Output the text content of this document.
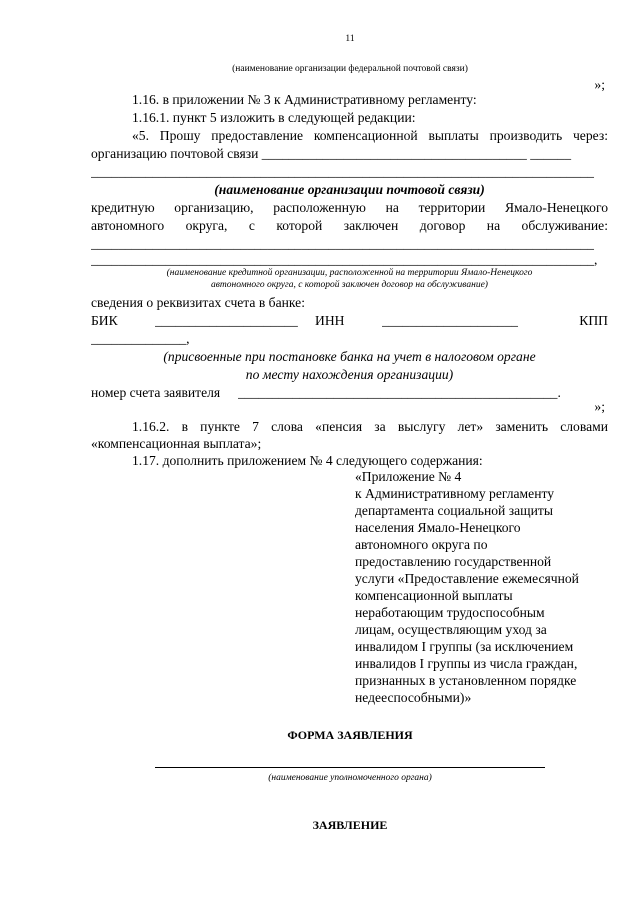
11
(наименование организации федеральной почтовой связи)
»;
1.16. в приложении № 3 к Административному регламенту:
1.16.1. пункт 5 изложить в следующей редакции:
«5. Прошу предоставление компенсационной выплаты производить через:
организацию почтовой связи _______________________________________ ______
__________________________________________________________________________
(наименование организации почтовой связи)
кредитную организацию, расположенную на территории Ямало-Ненецкого
автономного округа, с которой заключен договор на обслуживание:
__________________________________________________________________________
__________________________________________________________________________,
(наименование кредитной организации, расположенной на территории Ямало-Ненецкого
автономного округа, с которой заключен договор на обслуживание)
сведения о реквизитах счета в банке:
БИК	_____________________	ИНН	____________________	КПП
______________,
(присвоенные при постановке банка на учет в налоговом органе
по месту нахождения организации)
номер счета заявителя _______________________________________________.
»;
1.16.2. в пункте 7 слова «пенсия за выслугу лет» заменить словами
«компенсационная выплата»;
1.17. дополнить приложением № 4 следующего содержания:
«Приложение № 4
к Административному регламенту
департамента социальной защиты
населения Ямало-Ненецкого
автономного округа по
предоставлению государственной
услуги «Предоставление ежемесячной
компенсационной выплаты
неработающим трудоспособным
лицам, осуществляющим уход за
инвалидом I группы (за исключением
инвалидов I группы из числа граждан,
признанных в установленном порядке
недееспособными)»
ФОРМА ЗАЯВЛЕНИЯ
(наименование уполномоченного органа)
ЗАЯВЛЕНИЕ
